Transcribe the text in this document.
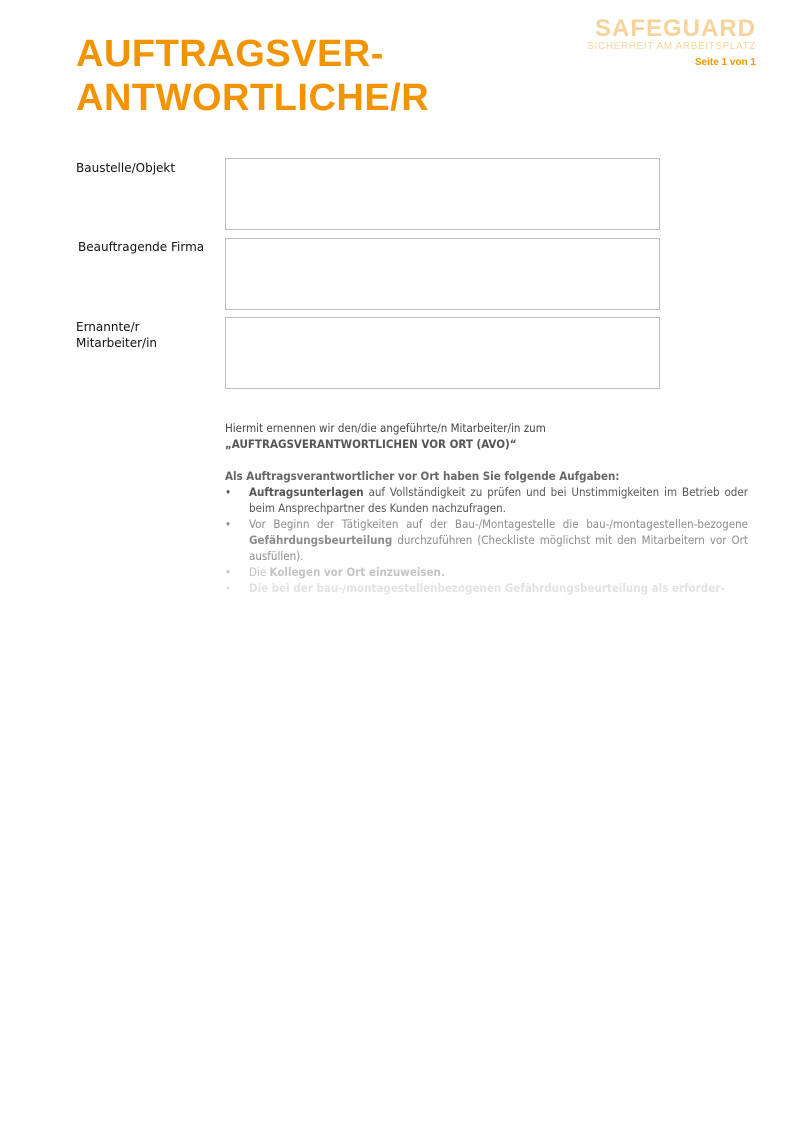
AUFTRAGSVER-
ANTWORTLICHE/R
SAFEGUARD
SICHERHEIT AM ARBEITSPLATZ
Seite 1 von 1
Baustelle/Objekt
Beauftragende Firma
Ernannte/r
Mitarbeiter/in

Hiermit ernennen wir den/die angeführte/n Mitarbeiter/in zum

„AUFTRAGSVERANTWORTLICHEN VOR ORT (AVO)“

Als Auftragsverantwortlicher vor Ort haben Sie folgende Aufgaben:

• Auftragsunterlagen auf Vollständigkeit zu prüfen und bei Unstimmigkeiten im Betrieb oder beim Ansprechpartner des Kunden nachzufragen.
• Vor Beginn der Tätigkeiten auf der Bau-/Montagestelle die bau-/montagestellen-bezogene Gefährdungsbeurteilung durchzuführen (Checkliste möglichst mit den Mitarbeitern vor Ort ausfüllen).
• Die Kollegen vor Ort einzuweisen.
• Die bei der bau-/montagestellenbezogenen Gefährdungsbeurteilung als erforder-
